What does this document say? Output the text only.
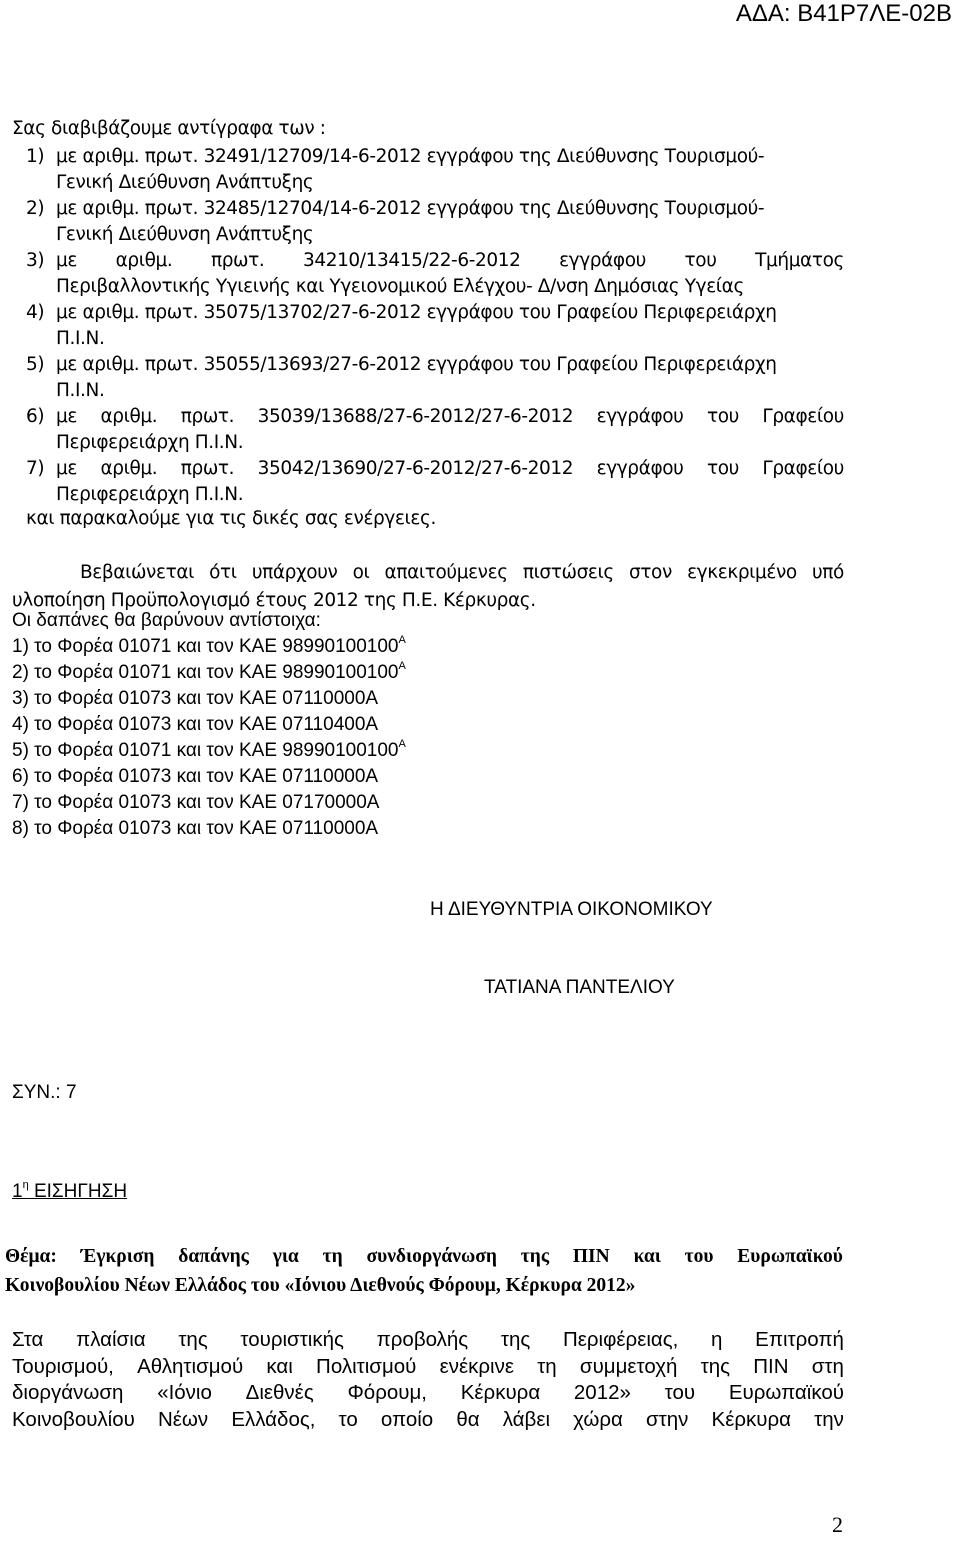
ΑΔΑ: Β41Ρ7ΛΕ-02Β
Σας διαβιβάζουμε αντίγραφα των :
1) με αριθμ. πρωτ. 32491/12709/14-6-2012 εγγράφου της Διεύθυνσης Τουρισμού-
Γενική Διεύθυνση Ανάπτυξης
2) με αριθμ. πρωτ. 32485/12704/14-6-2012 εγγράφου της Διεύθυνσης Τουρισμού-
Γενική Διεύθυνση Ανάπτυξης
3) με αριθμ. πρωτ. 34210/13415/22-6-2012 εγγράφου του Τμήματος
Περιβαλλοντικής Υγιεινής και Υγειονομικού Ελέγχου- Δ/νση Δημόσιας Υγείας
4) με αριθμ. πρωτ. 35075/13702/27-6-2012 εγγράφου του Γραφείου Περιφερειάρχη
Π.Ι.Ν.
5) με αριθμ. πρωτ. 35055/13693/27-6-2012 εγγράφου του Γραφείου Περιφερειάρχη
Π.Ι.Ν.
6) με αριθμ. πρωτ. 35039/13688/27-6-2012/27-6-2012 εγγράφου του Γραφείου
Περιφερειάρχη Π.Ι.Ν.
7) με αριθμ. πρωτ. 35042/13690/27-6-2012/27-6-2012 εγγράφου του Γραφείου
Περιφερειάρχη Π.Ι.Ν.
και παρακαλούμε για τις δικές σας ενέργειες.
Βεβαιώνεται ότι υπάρχουν οι απαιτούμενες πιστώσεις στον εγκεκριμένο υπό
υλοποίηση Προϋπολογισμό έτους 2012 της Π.Ε. Κέρκυρας.
Οι δαπάνες θα βαρύνουν αντίστοιχα:
1) το Φορέα 01071 και τον ΚΑΕ $98990100100^A$
2) το Φορέα 01071 και τον ΚΑΕ $98990100100^A$
3) το Φορέα 01073 και τον ΚΑΕ 07110000Α
4) το Φορέα 01073 και τον ΚΑΕ 07110400Α
5) το Φορέα 01071 και τον ΚΑΕ $98990100100^A$
6) το Φορέα 01073 και τον ΚΑΕ 07110000Α
7) το Φορέα 01073 και τον ΚΑΕ 07170000Α
8) το Φορέα 01073 και τον ΚΑΕ 07110000Α
Η ΔΙΕΥΘΥΝΤΡΙΑ ΟΙΚΟΝΟΜΙΚΟΥ
ΤΑΤΙΑΝΑ ΠΑΝΤΕΛΙΟΥ
ΣΥΝ.: 7
$1^\eta$ ΕΙΣΗΓΗΣΗ
Θέμα: Έγκριση δαπάνης για τη συνδιοργάνωση της ΠΙΝ και του Ευρωπαϊκού
Κοινοβουλίου Νέων Ελλάδος του «Ιόνιου Διεθνούς Φόρουμ, Κέρκυρα 2012»
Στα πλαίσια της τουριστικής προβολής της Περιφέρειας, η Επιτροπή
Τουρισμού, Αθλητισμού και Πολιτισμού ενέκρινε τη συμμετοχή της ΠΙΝ στη
διοργάνωση «Ιόνιο Διεθνές Φόρουμ, Κέρκυρα 2012» του Ευρωπαϊκού
Κοινοβουλίου Νέων Ελλάδος, το οποίο θα λάβει χώρα στην Κέρκυρα την
2
